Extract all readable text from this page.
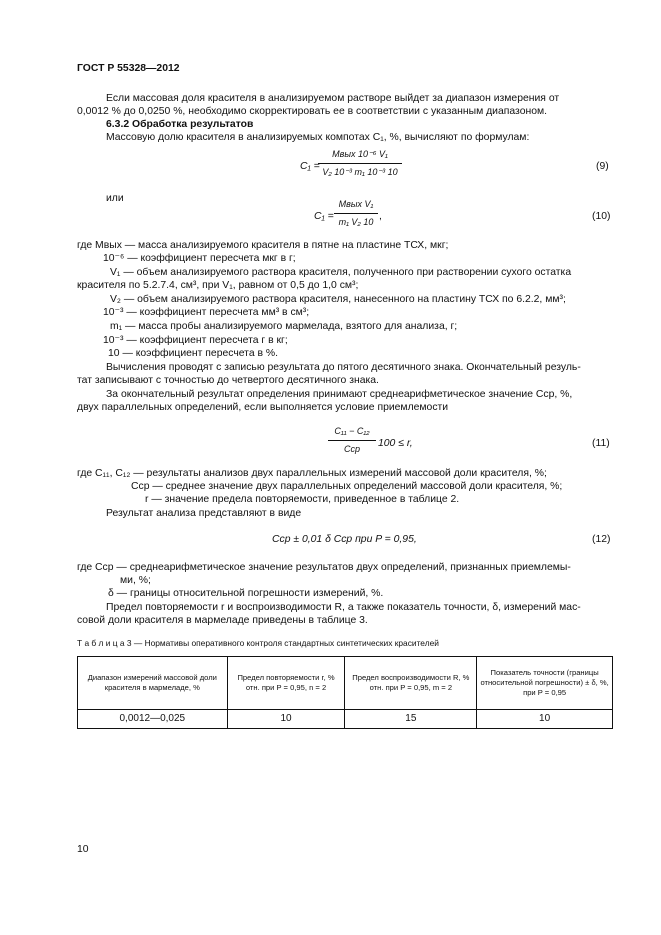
ГОСТ Р 55328—2012
Если массовая доля красителя в анализируемом растворе выйдет за диапазон измерения от
0,0012 % до 0,0250 %, необходимо скорректировать ее в соответствии с указанным диапазоном.
6.3.2 Обработка результатов
Массовую долю красителя в анализируемых компотах С₁, %, вычисляют по формулам:
C₁ =
Mвых 10⁻⁶ V₁
V₂ 10⁻³ m₁ 10⁻³ 10	(9)
или
C₁ =
Mвых V₁
m₁ V₂ 10 ,	(10)
где Mвых — масса анализируемого красителя в пятне на пластине ТСХ, мкг;
10⁻⁶ — коэффициент пересчета мкг в г;
V₁ — объем анализируемого раствора красителя, полученного при растворении сухого остатка
красителя по 5.2.7.4, см³, при V₁, равном от 0,5 до 1,0 см³;
V₂ — объем анализируемого раствора красителя, нанесенного на пластину ТСХ по 6.2.2, мм³;
10⁻³ — коэффициент пересчета мм³ в см³;
m₁ — масса пробы анализируемого мармелада, взятого для анализа, г;
10⁻³ — коэффициент пересчета г в кг;
10 — коэффициент пересчета в %.
Вычисления проводят с записью результата до пятого десятичного знака. Окончательный резуль-
тат записывают с точностью до четвертого десятичного знака.
За окончательный результат определения принимают среднеарифметическое значение Cср, %,
двух параллельных определений, если выполняется условие приемлемости
C₁₁ − C₁₂
Cср	100 ≤ r,	(11)
где C₁₁, C₁₂ — результаты анализов двух параллельных измерений массовой доли красителя, %;
Cср — среднее значение двух параллельных определений массовой доли красителя, %;
r — значение предела повторяемости, приведенное в таблице 2.
Результат анализа представляют в виде
Cср ± 0,01 δ Cср при P = 0,95,	(12)
где Cср — среднеарифметическое значение результатов двух определений, признанных приемлемы-
ми, %;
δ — границы относительной погрешности измерений, %.
Предел повторяемости r и воспроизводимости R, а также показатель точности, δ, измерений мас-
совой доли красителя в мармеладе приведены в таблице 3.
Т а б л и ц а 3 — Нормативы оперативного контроля стандартных синтетических красителей
Диапазон измерений массовой доли красителя в мармеладе, %	Предел повторяемости r, % отн. при P = 0,95, n = 2	Предел воспроизводимости R, % отн. при P = 0,95, m = 2	Показатель точности (границы относительной погрешности) ± δ, %, при P = 0,95
0,0012—0,025	10	15	10
10
